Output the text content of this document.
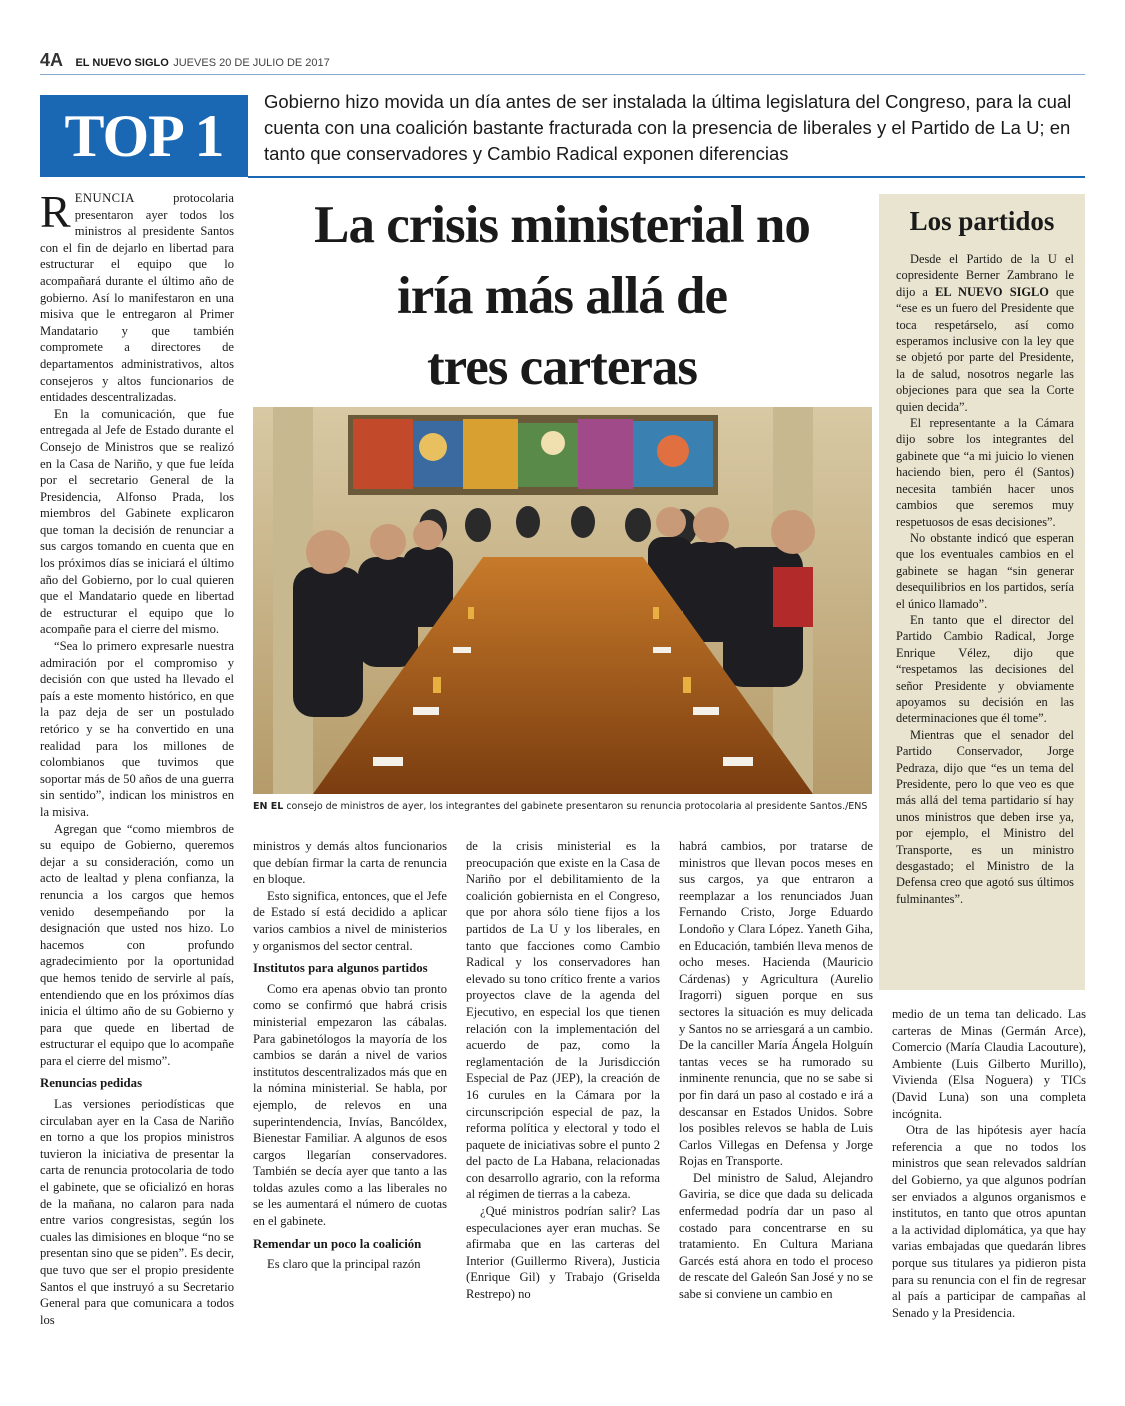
4A EL NUEVO SIGLO JUEVES 20 DE JULIO DE 2017
TOP 1
Gobierno hizo movida un día antes de ser instalada la última legislatura del Congreso, para la cual cuenta con una coalición bastante fracturada con la presencia de liberales y el Partido de La U; en tanto que conservadores y Cambio Radical exponen diferencias
La crisis ministerial no
iría más allá de
tres carteras
EN EL consejo de ministros de ayer, los integrantes del gabinete presentaron su renuncia protocolaria al presidente Santos./ENS

RENUNCIA protocolaria presentaron ayer todos los ministros al presidente Santos con el fin de dejarlo en libertad para estructurar el equipo que lo acompañará durante el último año de gobierno. Así lo manifestaron en una misiva que le entregaron al Primer Mandatario y que también compromete a directores de departamentos administrativos, altos consejeros y altos funcionarios de entidades descentralizadas.

En la comunicación, que fue entregada al Jefe de Estado durante el Consejo de Ministros que se realizó en la Casa de Nariño, y que fue leída por el secretario General de la Presidencia, Alfonso Prada, los miembros del Gabinete explicaron que toman la decisión de renunciar a sus cargos tomando en cuenta que en los próximos días se iniciará el último año del Gobierno, por lo cual quieren que el Mandatario quede en libertad de estructurar el equipo que lo acompañe para el cierre del mismo.

“Sea lo primero expresarle nuestra admiración por el compromiso y decisión con que usted ha llevado el país a este momento histórico, en que la paz deja de ser un postulado retórico y se ha convertido en una realidad para los millones de colombianos que tuvimos que soportar más de 50 años de una guerra sin sentido”, indican los ministros en la misiva.

Agregan que “como miembros de su equipo de Gobierno, queremos dejar a su consideración, como un acto de lealtad y plena confianza, la renuncia a los cargos que hemos venido desempeñando por la designación que usted nos hizo. Lo hacemos con profundo agradecimiento por la oportunidad que hemos tenido de servirle al país, entendiendo que en los próximos días inicia el último año de su Gobierno y para que quede en libertad de estructurar el equipo que lo acompañe para el cierre del mismo”.

Renuncias pedidas

Las versiones periodísticas que circulaban ayer en la Casa de Nariño en torno a que los propios ministros tuvieron la iniciativa de presentar la carta de renuncia protocolaria de todo el gabinete, que se oficializó en horas de la mañana, no calaron para nada entre varios congresistas, según los cuales las dimisiones en bloque “no se presentan sino que se piden”. Es decir, que tuvo que ser el propio presidente Santos el que instruyó a su Secretario General para que comunicara a todos los

ministros y demás altos funcionarios que debían firmar la carta de renuncia en bloque.

Esto significa, entonces, que el Jefe de Estado sí está decidido a aplicar varios cambios a nivel de ministerios y organismos del sector central.

Institutos para algunos partidos

Como era apenas obvio tan pronto como se confirmó que habrá crisis ministerial empezaron las cábalas. Para gabinetólogos la mayoría de los cambios se darán a nivel de varios institutos descentralizados más que en la nómina ministerial. Se habla, por ejemplo, de relevos en una superintendencia, Invías, Bancóldex, Bienestar Familiar. A algunos de esos cargos llegarían conservadores. También se decía ayer que tanto a las toldas azules como a las liberales no se les aumentará el número de cuotas en el gabinete.

Remendar un poco la coalición

Es claro que la principal razón

de la crisis ministerial es la preocupación que existe en la Casa de Nariño por el debilitamiento de la coalición gobiernista en el Congreso, que por ahora sólo tiene fijos a los partidos de La U y los liberales, en tanto que facciones como Cambio Radical y los conservadores han elevado su tono crítico frente a varios proyectos clave de la agenda del Ejecutivo, en especial los que tienen relación con la implementación del acuerdo de paz, como la reglamentación de la Jurisdicción Especial de Paz (JEP), la creación de 16 curules en la Cámara por la circunscripción especial de paz, la reforma política y electoral y todo el paquete de iniciativas sobre el punto 2 del pacto de La Habana, relacionadas con desarrollo agrario, con la reforma al régimen de tierras a la cabeza.

¿Qué ministros podrían salir? Las especulaciones ayer eran muchas. Se afirmaba que en las carteras del Interior (Guillermo Rivera), Justicia (Enrique Gil) y Trabajo (Griselda Restrepo) no

habrá cambios, por tratarse de ministros que llevan pocos meses en sus cargos, ya que entraron a reemplazar a los renunciados Juan Fernando Cristo, Jorge Eduardo Londoño y Clara López. Yaneth Giha, en Educación, también lleva menos de ocho meses. Hacienda (Mauricio Cárdenas) y Agricultura (Aurelio Iragorri) siguen porque en sus sectores la situación es muy delicada y Santos no se arriesgará a un cambio. De la canciller María Ángela Holguín tantas veces se ha rumorado su inminente renuncia, que no se sabe si por fin dará un paso al costado e irá a descansar en Estados Unidos. Sobre los posibles relevos se habla de Luis Carlos Villegas en Defensa y Jorge Rojas en Transporte.

Del ministro de Salud, Alejandro Gaviria, se dice que dada su delicada enfermedad podría dar un paso al costado para concentrarse en su tratamiento. En Cultura Mariana Garcés está ahora en todo el proceso de rescate del Galeón San José y no se sabe si conviene un cambio en

medio de un tema tan delicado. Las carteras de Minas (Germán Arce), Comercio (María Claudia Lacouture), Ambiente (Luis Gilberto Murillo), Vivienda (Elsa Noguera) y TICs (David Luna) son una completa incógnita.

Otra de las hipótesis ayer hacía referencia a que no todos los ministros que sean relevados saldrían del Gobierno, ya que algunos podrían ser enviados a algunos organismos e institutos, en tanto que otros apuntan a la actividad diplomática, ya que hay varias embajadas que quedarán libres porque sus titulares ya pidieron pista para su renuncia con el fin de regresar al país a participar de campañas al Senado y la Presidencia.

Los partidos

Desde el Partido de la U el copresidente Berner Zambrano le dijo a EL NUEVO SIGLO que “ese es un fuero del Presidente que toca respetárselo, así como esperamos inclusive con la ley que se objetó por parte del Presidente, la de salud, nosotros negarle las objeciones para que sea la Corte quien decida”.

El representante a la Cámara dijo sobre los integrantes del gabinete que “a mi juicio lo vienen haciendo bien, pero él (Santos) necesita también hacer unos cambios que seremos muy respetuosos de esas decisiones”.

No obstante indicó que esperan que los eventuales cambios en el gabinete se hagan “sin generar desequilibrios en los partidos, sería el único llamado”.

En tanto que el director del Partido Cambio Radical, Jorge Enrique Vélez, dijo que “respetamos las decisiones del señor Presidente y obviamente apoyamos su decisión en las determinaciones que él tome”.

Mientras que el senador del Partido Conservador, Jorge Pedraza, dijo que “es un tema del Presidente, pero lo que veo es que más allá del tema partidario sí hay unos ministros que deben irse ya, por ejemplo, el Ministro del Transporte, es un ministro desgastado; el Ministro de la Defensa creo que agotó sus últimos fulminantes”.
